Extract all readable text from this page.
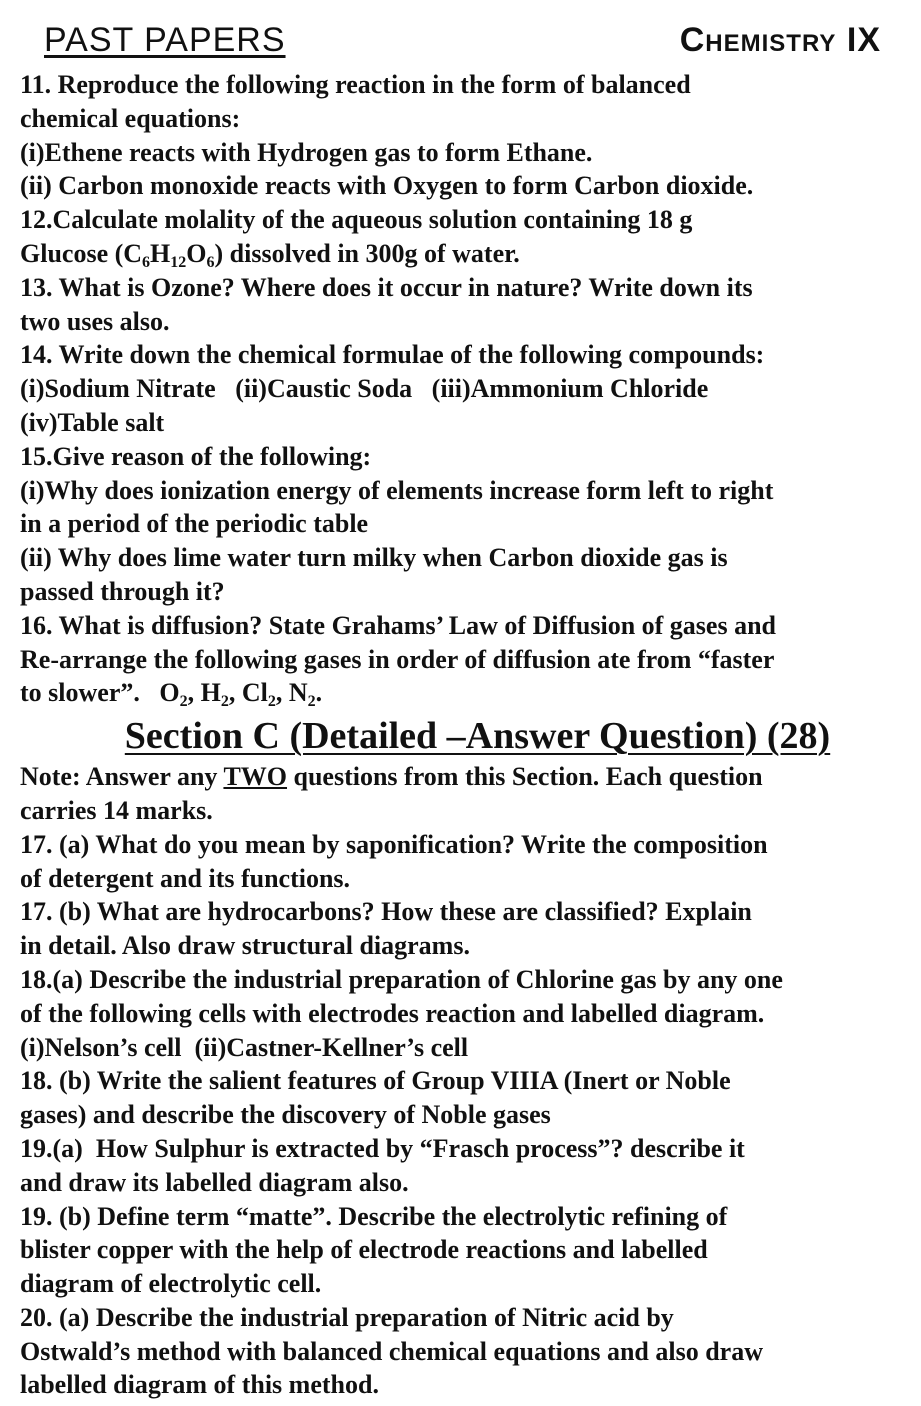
PAST PAPERS	Chemistry IX
11. Reproduce the following reaction in the form of balanced
chemical equations:
(i)Ethene reacts with Hydrogen gas to form Ethane.
(ii) Carbon monoxide reacts with Oxygen to form Carbon dioxide.
12.Calculate molality of the aqueous solution containing 18 g
Glucose $(C_6H_{12}O_6)$ dissolved in 300g of water.
13. What is Ozone? Where does it occur in nature? Write down its
two uses also.
14. Write down the chemical formulae of the following compounds:
(i)Sodium Nitrate   (ii)Caustic Soda   (iii)Ammonium Chloride
(iv)Table salt
15.Give reason of the following:
(i)Why does ionization energy of elements increase form left to right
in a period of the periodic table
(ii) Why does lime water turn milky when Carbon dioxide gas is
passed through it?
16. What is diffusion? State Grahams’ Law of Diffusion of gases and
Re-arrange the following gases in order of diffusion ate from “faster
to slower”.   $O_2$, $H_2$, $Cl_2$, $N_2$.
Section C (Detailed –Answer Question) (28)
Note: Answer any TWO questions from this Section. Each question
carries 14 marks.
17. (a) What do you mean by saponification? Write the composition
of detergent and its functions.
17. (b) What are hydrocarbons? How these are classified? Explain
in detail. Also draw structural diagrams.
18.(a) Describe the industrial preparation of Chlorine gas by any one
of the following cells with electrodes reaction and labelled diagram.
(i)Nelson’s cell  (ii)Castner-Kellner’s cell
18. (b) Write the salient features of Group VIIIA (Inert or Noble
gases) and describe the discovery of Noble gases
19.(a)  How Sulphur is extracted by “Frasch process”? describe it
and draw its labelled diagram also.
19. (b) Define term “matte”. Describe the electrolytic refining of
blister copper with the help of electrode reactions and labelled
diagram of electrolytic cell.
20. (a) Describe the industrial preparation of Nitric acid by
Ostwald’s method with balanced chemical equations and also draw
labelled diagram of this method.
